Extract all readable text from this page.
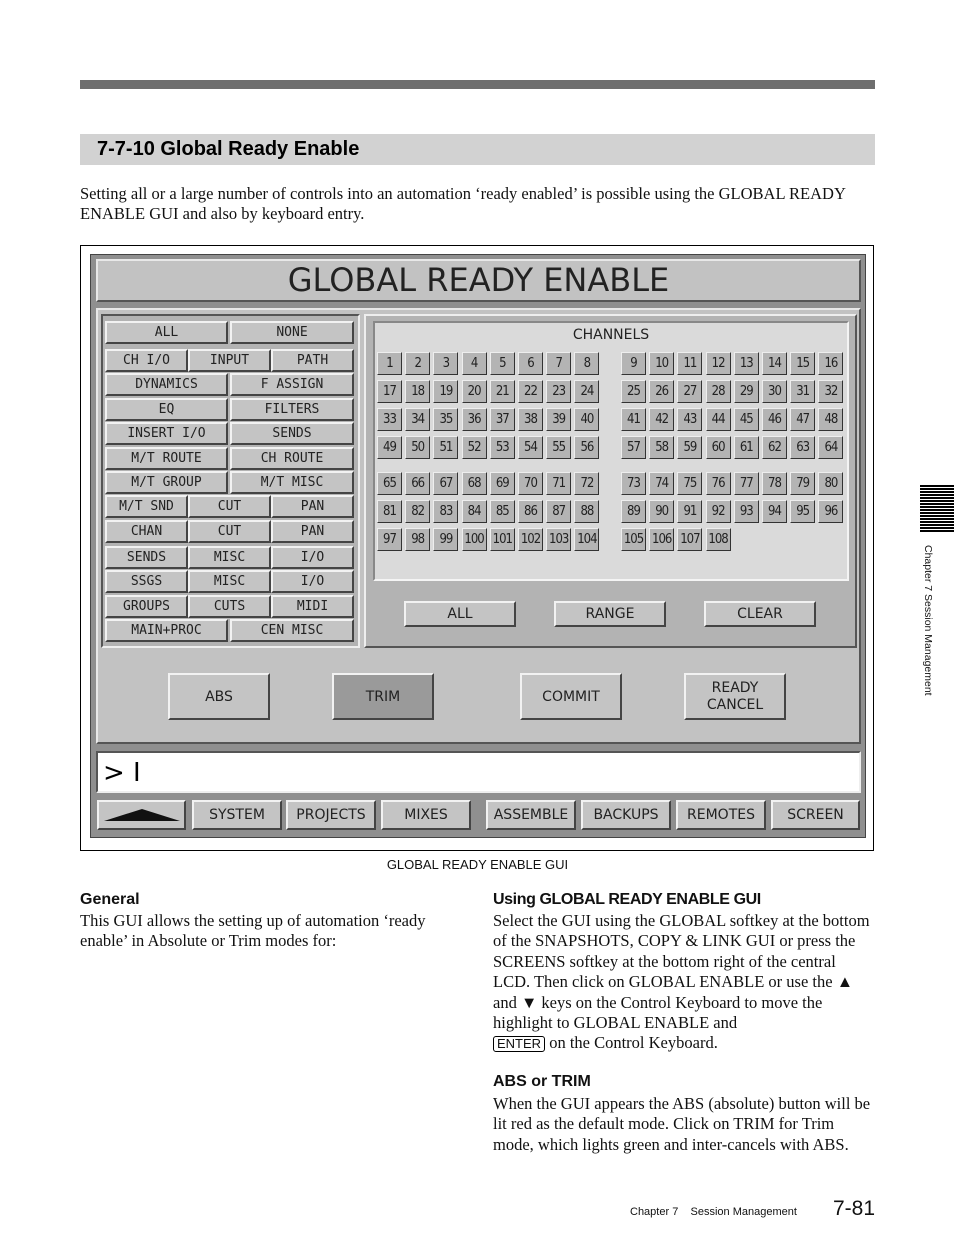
7-7-10 Global Ready Enable
Setting all or a large number of controls into an automation ‘ready enabled’ is possible using the GLOBAL READY ENABLE GUI and also by keyboard entry.
GLOBAL READY ENABLE
CHANNELS
ALL	NONE
CH I/O	INPUT	PATH
DYNAMICS	F ASSIGN
EQ	FILTERS
INSERT I/O	SENDS
M/T ROUTE	CH ROUTE
M/T GROUP	M/T MISC
M/T SND	CUT	PAN
CHAN	CUT	PAN
SENDS	MISC	I/O
SSGS	MISC	I/O
GROUPS	CUTS	MIDI
MAIN+PROC	CEN MISC
1	2	3	4	5	6	7	8	9	10	11	12	13	14	15	16
17	18	19	20	21	22	23	24	25	26	27	28	29	30	31	32
33	34	35	36	37	38	39	40	41	42	43	44	45	46	47	48
49	50	51	52	53	54	55	56	57	58	59	60	61	62	63	64
65	66	67	68	69	70	71	72	73	74	75	76	77	78	79	80
81	82	83	84	85	86	87	88	89	90	91	92	93	94	95	96
97	98	99 100 101 102 103 104 105 106 107 108
ALL	RANGE	CLEAR
ABS	TRIM	COMMIT
READY
CANCEL
> I
SYSTEM	PROJECTS	MIXES	ASSEMBLE	BACKUPS	REMOTES	SCREEN
GLOBAL READY ENABLE GUI
General
This GUI allows the setting up of automation ‘ready enable’ in Absolute or Trim modes for:
Using GLOBAL READY ENABLE GUI
Select the GUI using the GLOBAL softkey at the bottom of the SNAPSHOTS, COPY & LINK GUI or press the SCREENS softkey at the bottom right of the central LCD. Then click on GLOBAL ENABLE or use the ▲ and ▼ keys on the Control Keyboard to move the highlight to GLOBAL ENABLE and
ENTER on the Control Keyboard.
ABS or TRIM
When the GUI appears the ABS (absolute) button will be lit red as the default mode. Click on TRIM for Trim mode, which lights green and inter-cancels with ABS.
Chapter 7 Session Management
Chapter 7    Session Management 7-81
